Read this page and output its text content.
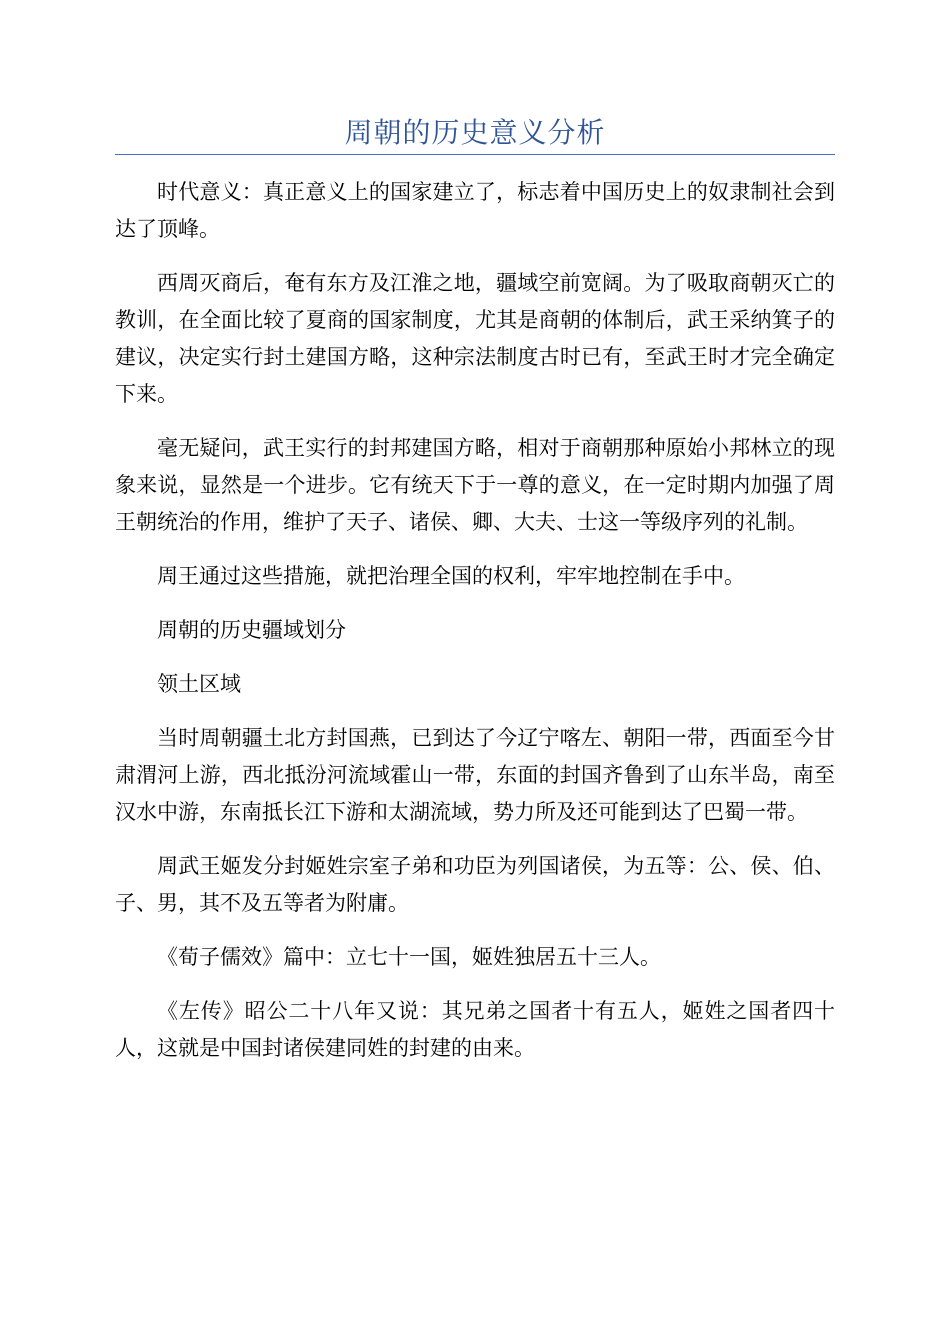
周朝的历史意义分析

时代意义：真正意义上的国家建立了，标志着中国历史上的奴隶制社会到达了顶峰。

西周灭商后，奄有东方及江淮之地，疆域空前宽阔。为了吸取商朝灭亡的教训，在全面比较了夏商的国家制度，尤其是商朝的体制后，武王采纳箕子的建议，决定实行封土建国方略，这种宗法制度古时已有，至武王时才完全确定下来。

毫无疑问，武王实行的封邦建国方略，相对于商朝那种原始小邦林立的现象来说，显然是一个进步。它有统天下于一尊的意义，在一定时期内加强了周王朝统治的作用，维护了天子、诸侯、卿、大夫、士这一等级序列的礼制。

周王通过这些措施，就把治理全国的权利，牢牢地控制在手中。

周朝的历史疆域划分

领土区域

当时周朝疆土北方封国燕，已到达了今辽宁喀左、朝阳一带，西面至今甘肃渭河上游，西北抵汾河流域霍山一带，东面的封国齐鲁到了山东半岛，南至汉水中游，东南抵长江下游和太湖流域，势力所及还可能到达了巴蜀一带。

周武王姬发分封姬姓宗室子弟和功臣为列国诸侯，为五等：公、侯、伯、子、男，其不及五等者为附庸。

《荀子儒效》篇中：立七十一国，姬姓独居五十三人。

《左传》昭公二十八年又说：其兄弟之国者十有五人，姬姓之国者四十人，这就是中国封诸侯建同姓的封建的由来。
